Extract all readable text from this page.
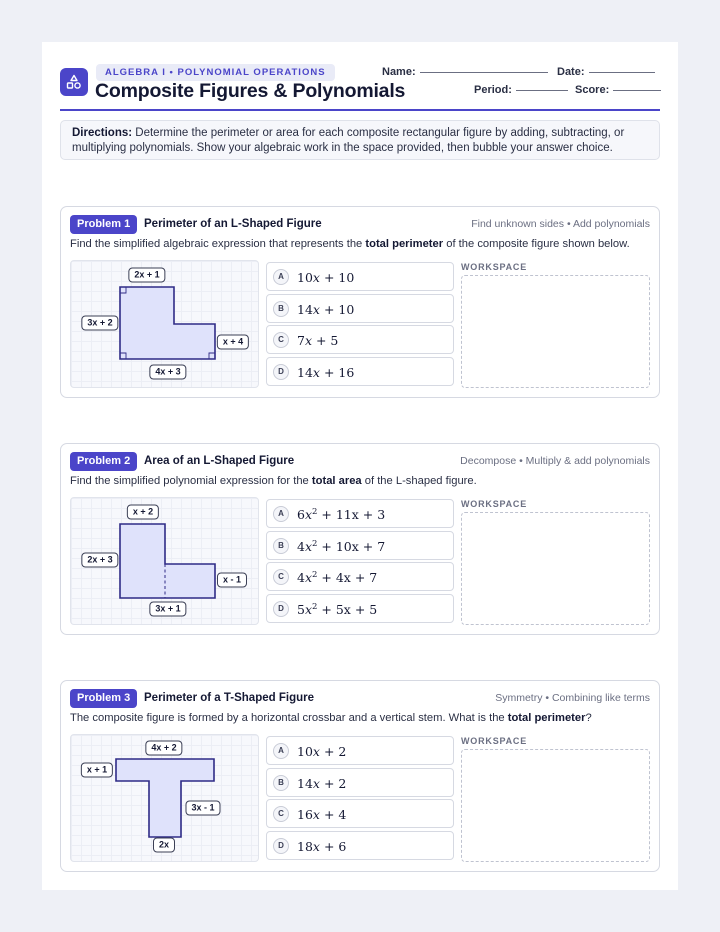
ALGEBRA I • POLYNOMIAL OPERATIONS
Composite Figures & Polynomials
Name:	Date:
Period:	Score:
Directions: Determine the perimeter or area for each composite rectangular figure by adding, subtracting, or multiplying polynomials. Show your algebraic work in the space provided, then bubble your answer choice.
Problem 1	Perimeter of an L-Shaped Figure	Find unknown sides • Add polynomials
Find the simplified algebraic expression that represents the total perimeter of the composite figure shown below.
2x + 1
3x + 2
x + 4
4x + 3
A	10x + 10
B	14x + 10
C	7x + 5
D	14x + 16
WORKSPACE
Problem 2	Area of an L-Shaped Figure	Decompose • Multiply & add polynomials
Find the simplified polynomial expression for the total area of the L-shaped figure.
x + 2
2x + 3
x - 1
3x + 1
A	$6x^2 + 11x + 3$
B	$4x^2 + 10x + 7$
C	$4x^2 + 4x + 7$
D	$5x^2 + 5x + 5$
WORKSPACE
Problem 3	Perimeter of a T-Shaped Figure	Symmetry • Combining like terms
The composite figure is formed by a horizontal crossbar and a vertical stem. What is the total perimeter?
4x + 2
x + 1
3x - 1
2x
A	10x + 2
B	14x + 2
C	16x + 4
D	18x + 6
WORKSPACE
